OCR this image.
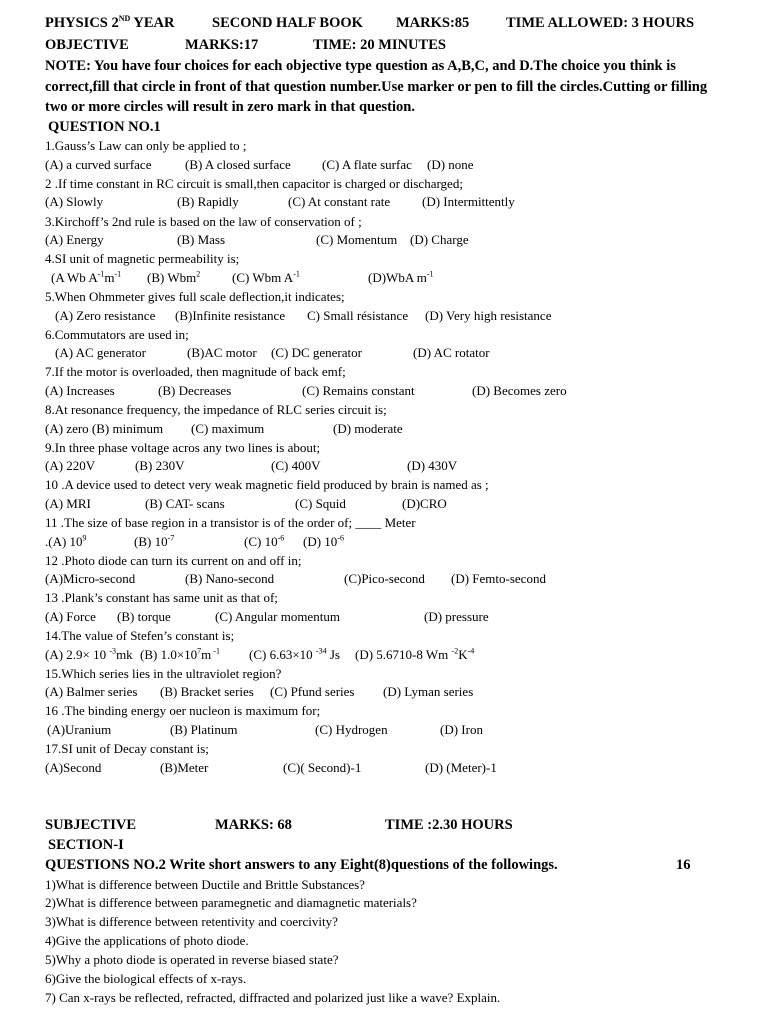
PHYSICS 2ND YEAR	SECOND HALF BOOK MARKS:85	TIME ALLOWED: 3 HOURS
OBJECTIVE	MARKS:17	TIME: 20 MINUTES
NOTE: You have four choices for each objective type question as A,B,C, and D.The choice you think is correct,fill that circle in front of that question number.Use marker or pen to fill the circles.Cutting or filling two or more circles will result in zero mark in that question.
QUESTION NO.1
1.Gauss’s Law can only be applied to ;
(A) a curved surface	(B) A closed surface (C) A flate surfac (D) none
2 .If time constant in RC circuit is small,then capacitor is charged or discharged;
(A) Slowly	(B) Rapidly	(C) At constant rate (D) Intermittently
3.Kirchoff’s 2nd rule is based on the law of conservation of ;
(A) Energy	(B) Mass	(C) Momentum (D) Charge
4.SI unit of magnetic permeability is;
(A Wb $A^{-1}m^{-1}$ (B) Wbm$^2$ (C) Wbm $A^{-1}$	(D)WbA $m^{-1}$
5.When Ohmmeter gives full scale deflection,it indicates;
(A) Zero resistance (B)Infinite resistance C) Small résistance (D) Very high resistance
6.Commutators are used in;
(A) AC generator	(B)AC motor (C) DC generator	(D) AC rotator
7.If the motor is overloaded, then magnitude of back emf;
(A) Increases	(B) Decreases	(C) Remains constant	(D) Becomes zero
8.At resonance frequency, the impedance of RLC series circuit is;
(A) zero (B) minimum (C) maximum	(D) moderate
9.In three phase voltage acros any two lines is about;
(A) 220V	(B) 230V	(C) 400V	(D) 430V
10 .A device used to detect very weak magnetic field produced by brain is named as ;
(A) MRI	(B) CAT- scans	(C) Squid	(D)CRO
11 .The size of base region in a transistor is of the order of; ____ Meter
.(A) $10^9$	(B) $10^{-7}$	(C) $10^{-6}$ (D) $10^{-6}$
12 .Photo diode can turn its current on and off in;
(A)Micro-second	(B) Nano-second	(C)Pico-second (D) Femto-second
13 .Plank’s constant has same unit as that of;
(A) Force (B) torque	(C) Angular momentum	(D) pressure
14.The value of Stefen’s constant is;
(A) 2.9× 10 $^{-3}$mk (B) $1.0\times 10^7m$ $^{-1}$ (C) 6.63×10 $^{-34}$ Js (D) 5.6710-8 Wm $^{-2}K^{-4}$
15.Which series lies in the ultraviolet region?
(A) Balmer series (B) Bracket series (C) Pfund series (D) Lyman series
16 .The binding energy oer nucleon is maximum for;
(A)Uranium	(B) Platinum	(C) Hydrogen	(D) Iron
17.SI unit of Decay constant is;
(A)Second	(B)Meter	(C)( Second)-1	(D) (Meter)-1
SUBJECTIVE	MARKS: 68	TIME :2.30 HOURS
SECTION-I
QUESTIONS NO.2 Write short answers to any Eight(8)questions of the followings.	16
1)What is difference between Ductile and Brittle Substances?
2)What is difference between paramegnetic and diamagnetic materials?
3)What is difference between retentivity and coercivity?
4)Give the applications of photo diode.
5)Why a photo diode is operated in reverse biased state?
6)Give the biological effects of x-rays.
7) Can x-rays be reflected, refracted, diffracted and polarized just like a wave? Explain.
